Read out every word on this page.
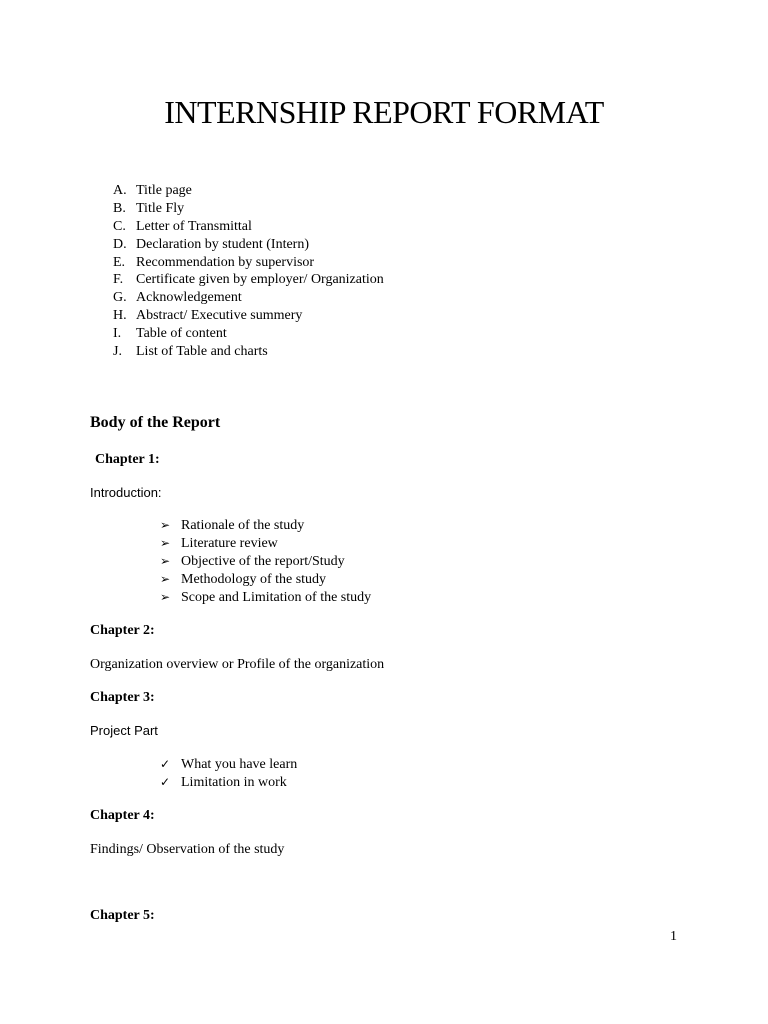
INTERNSHIP REPORT FORMAT
A. Title page
B. Title Fly
C. Letter of Transmittal
D. Declaration by student (Intern)
E. Recommendation by supervisor
F. Certificate given by employer/ Organization
G. Acknowledgement
H. Abstract/ Executive summery
I. Table of content
J. List of Table and charts
Body of the Report
Chapter 1:
Introduction:
➢ Rationale of the study
➢ Literature review
➢ Objective of the report/Study
➢ Methodology of the study
➢ Scope and Limitation of the study
Chapter 2:
Organization overview or Profile of the organization
Chapter 3:
Project Part
✓ What you have learn
✓ Limitation in work
Chapter 4:
Findings/ Observation of the study
Chapter 5:
1
